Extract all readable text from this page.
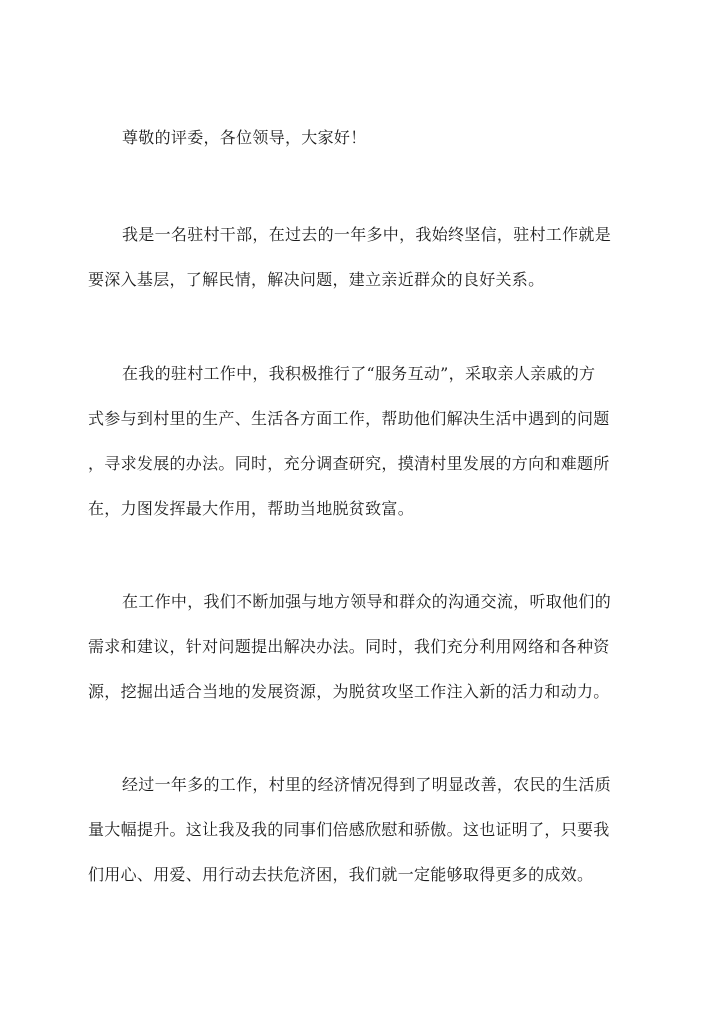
尊敬的评委，各位领导，大家好！

我是一名驻村干部，在过去的一年多中，我始终坚信，驻村工作就是
要深入基层，了解民情，解决问题，建立亲近群众的良好关系。

在我的驻村工作中，我积极推行了“服务互动”，采取亲人亲戚的方
式参与到村里的生产、生活各方面工作，帮助他们解决生活中遇到的问题
，寻求发展的办法。同时，充分调查研究，摸清村里发展的方向和难题所
在，力图发挥最大作用，帮助当地脱贫致富。

在工作中，我们不断加强与地方领导和群众的沟通交流，听取他们的
需求和建议，针对问题提出解决办法。同时，我们充分利用网络和各种资
源，挖掘出适合当地的发展资源，为脱贫攻坚工作注入新的活力和动力。

经过一年多的工作，村里的经济情况得到了明显改善，农民的生活质
量大幅提升。这让我及我的同事们倍感欣慰和骄傲。这也证明了，只要我
们用心、用爱、用行动去扶危济困，我们就一定能够取得更多的成效。
